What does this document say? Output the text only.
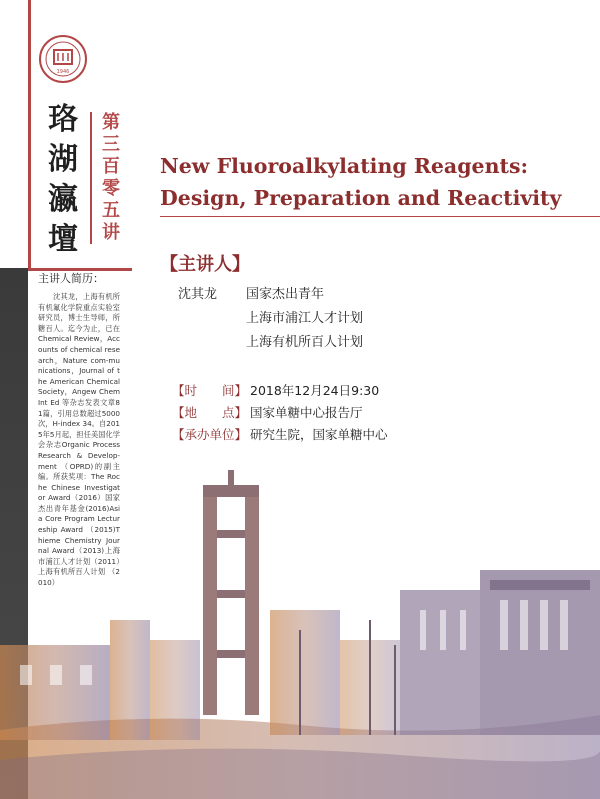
1946
珞
湖
瀛
壇
第
三
百
零
五
讲
主讲人简历：
　　沈其龙，上海有机所有机氟化学院重点实验室研究员，博士生导师，所糖百人。迄今为止，已在Chemical Review，Accounts of chemical research，Nature com-munications，Journal of the American Chemical Society，Angew Chem Int Ed 等杂志发表文章81篇，引用总数超过5000次，H-index 34。自2015年5月起，担任美国化学会杂志Organic Process Research & Develop-ment （OPRD)的副主编。所获奖项：The Roche Chinese Investigator Award（2016）国家杰出青年基金(2016)Asia Core Program Lectureship Award （2015)Thieme Chemistry Journal Award（2013)上海市浦江人才计划（2011）上海有机所百人计划 （2010）
New Fluoroalkylating Reagents:
Design, Preparation and Reactivity
【主讲人】
沈其龙 国家杰出青年
上海市浦江人才计划
上海有机所百人计划
【时　　间】 2018年12月24日9:30
【地　　点】 国家单糖中心报告厅
【承办单位】 研究生院，国家单糖中心
